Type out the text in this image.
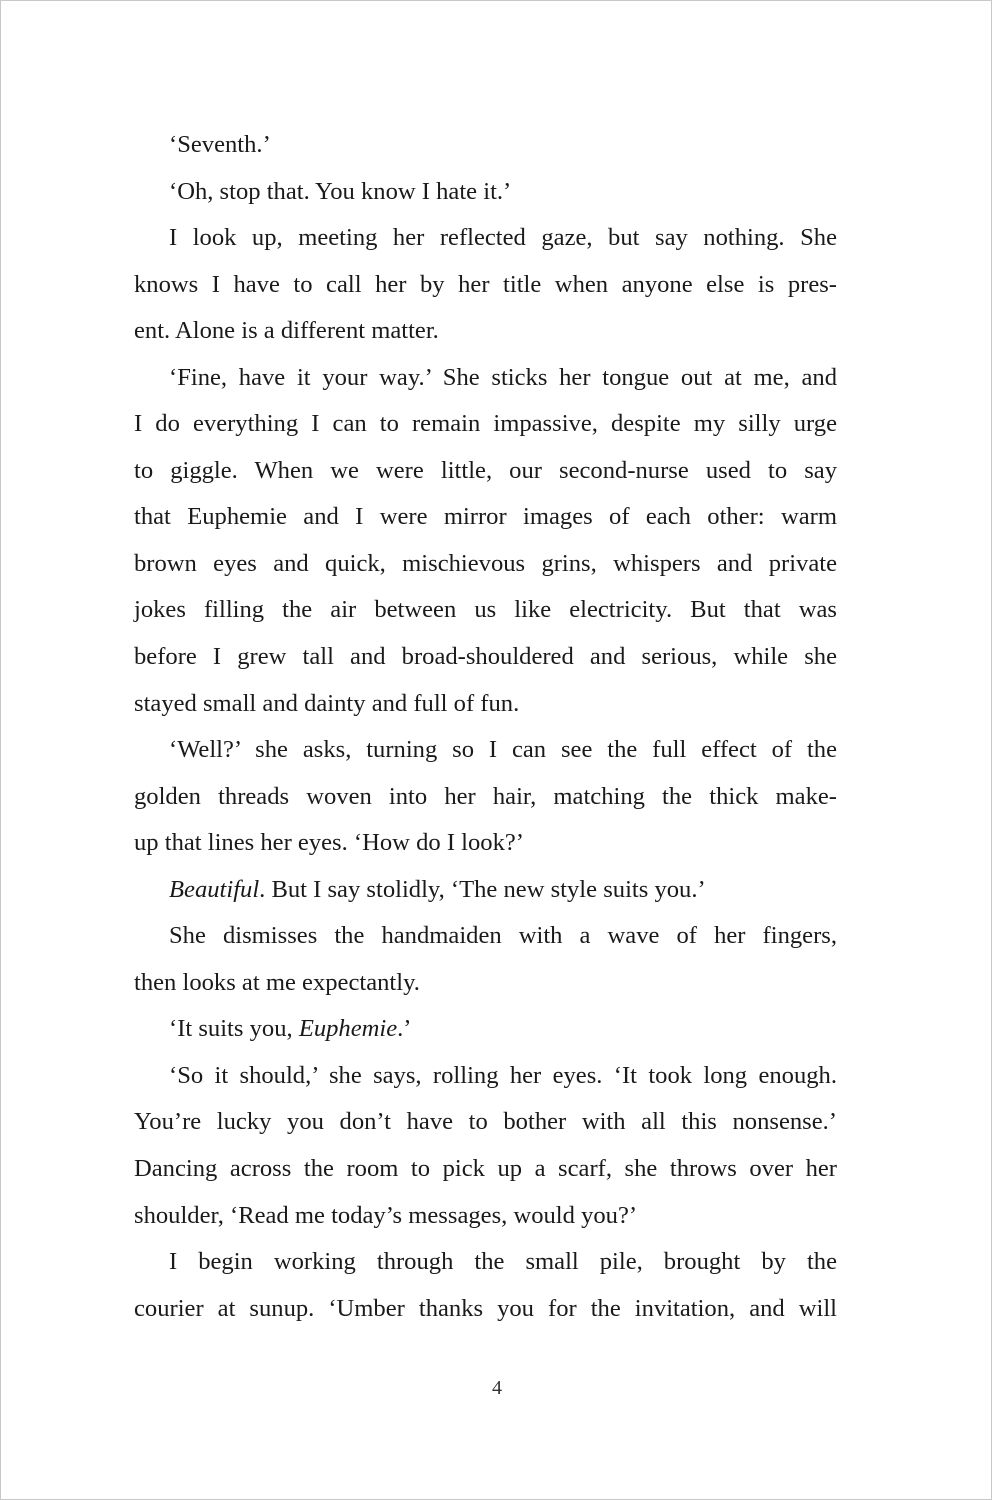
‘Seventh.’
‘Oh, stop that. You know I hate it.’
I look up, meeting her reflected gaze, but say nothing. She
knows I have to call her by her title when anyone else is pres-
ent. Alone is a different matter.
‘Fine, have it your way.’ She sticks her tongue out at me, and
I do everything I can to remain impassive, despite my silly urge
to giggle. When we were little, our second-nurse used to say
that Euphemie and I were mirror images of each other: warm
brown eyes and quick, mischievous grins, whispers and private
jokes filling the air between us like electricity. But that was
before I grew tall and broad-shouldered and serious, while she
stayed small and dainty and full of fun.
‘Well?’ she asks, turning so I can see the full effect of the
golden threads woven into her hair, matching the thick make-
up that lines her eyes. ‘How do I look?’
Beautiful. But I say stolidly, ‘The new style suits you.’
She dismisses the handmaiden with a wave of her fingers,
then looks at me expectantly.
‘It suits you, Euphemie.’
‘So it should,’ she says, rolling her eyes. ‘It took long enough.
You’re lucky you don’t have to bother with all this nonsense.’
Dancing across the room to pick up a scarf, she throws over her
shoulder, ‘Read me today’s messages, would you?’
I begin working through the small pile, brought by the
courier at sunup. ‘Umber thanks you for the invitation, and will
4
